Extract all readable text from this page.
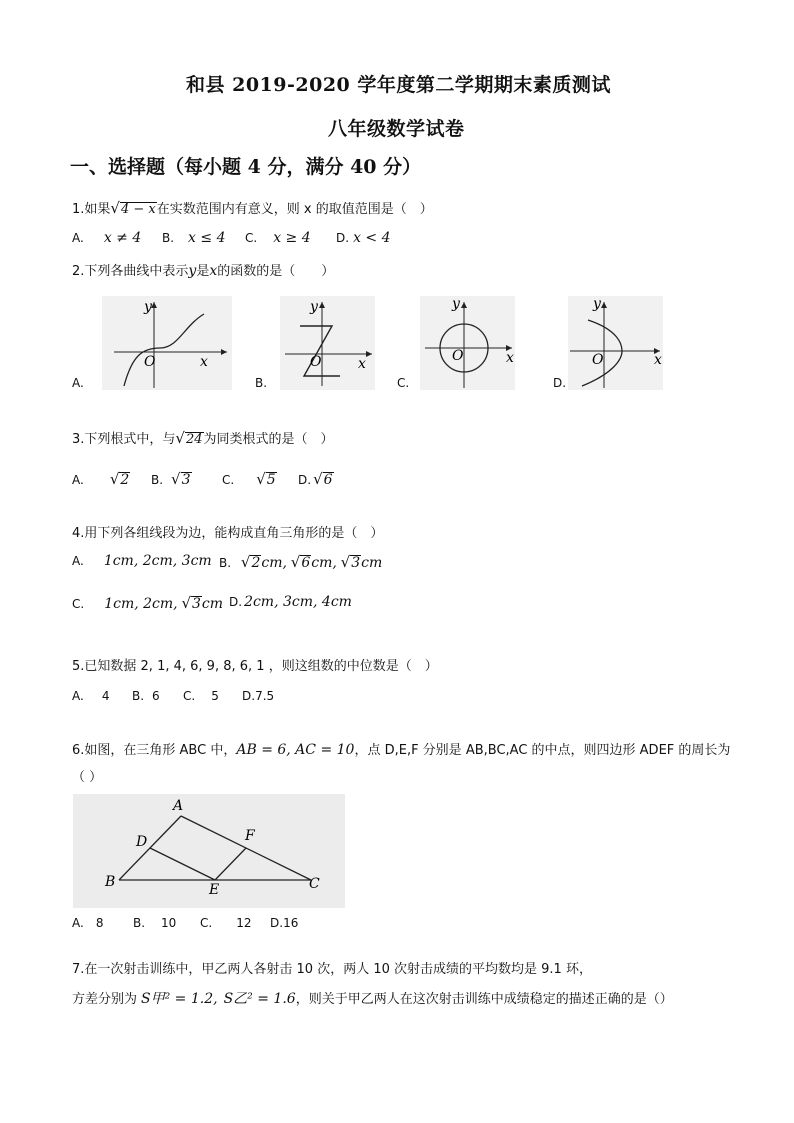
和县 2019-2020 学年度第二学期期末素质测试
八年级数学试卷
一、选择题（每小题 4 分，满分 40 分）
1.如果√4 − x在实数范围内有意义，则 x 的取值范围是（　）
A. x ≠ 4 B. x ≤ 4 C. x ≥ 4 D. x < 4
2.下列各曲线中表示y是x的函数的是（　　）
y
x
O
A.
y
x
O
B.
y
x
O
C.
y
x
O
D.
3.下列根式中，与√24为同类根式的是（　）
A. √2 B. √3	C. √5 D. √6
4.用下列各组线段为边，能构成直角三角形的是（　）
A. 1cm, 2cm, 3cm B. √2cm, √6cm, √3cm
C. 1cm, 2cm, √3cm D. 2cm, 3cm, 4cm
5.已知数据 2, 1, 4, 6, 9, 8, 6, 1 ，则这组数的中位数是（　）
A. 4 B. 6 C. 5 D.7.5
6.如图，在三角形 ABC 中，AB = 6, AC = 10，点 D,E,F 分别是 AB,BC,AC 的中点，则四边形 ADEF 的周长为
（ ）
A
B	C
D
E
F
A. 8 B. 10 C. 12 D.16
7.在一次射击训练中，甲乙两人各射击 10 次，两人 10 次射击成绩的平均数均是 9.1 环，
方差分别为 S甲² = 1.2, S乙² = 1.6，则关于甲乙两人在这次射击训练中成绩稳定的描述正确的是（）
